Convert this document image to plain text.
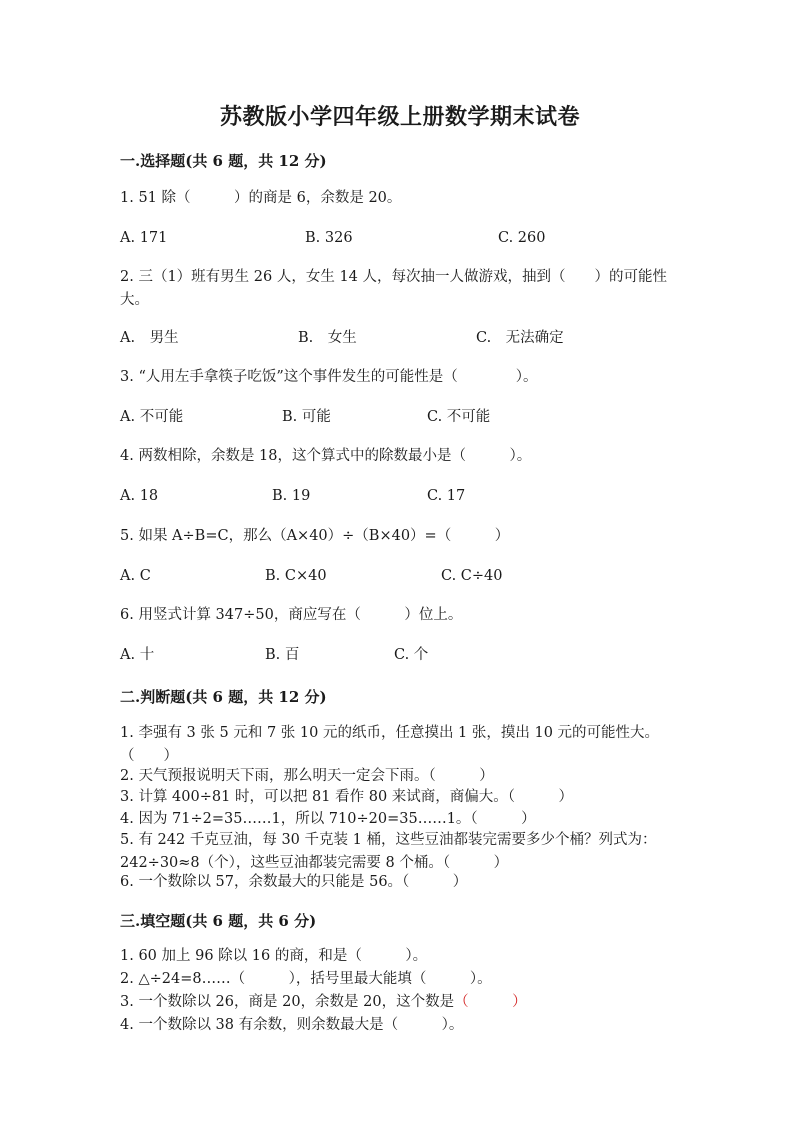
苏教版小学四年级上册数学期末试卷
一.选择题(共 6 题，共 12 分)
1. 51 除（　　　）的商是 6，余数是 20。
A. 171	B. 326	C. 260
2. 三（1）班有男生 26 人，女生 14 人，每次抽一人做游戏，抽到（　　）的可能性大。
A.　男生	B.　女生	C.　无法确定
3. “人用左手拿筷子吃饭”这个事件发生的可能性是（　　　　）。
A. 不可能	B. 可能	C. 不可能
4. 两数相除，余数是 18，这个算式中的除数最小是（　　　）。
A. 18	B. 19	C. 17
5. 如果 A÷B=C，那么（A×40）÷（B×40）=（　　　）
A. C	B. C×40	C. C÷40
6. 用竖式计算 347÷50，商应写在（　　　）位上。
A. 十	B. 百	C. 个
二.判断题(共 6 题，共 12 分)
1. 李强有 3 张 5 元和 7 张 10 元的纸币，任意摸出 1 张，摸出 10 元的可能性大。　　（　　）
2. 天气预报说明天下雨，那么明天一定会下雨。（　　　）
3. 计算 400÷81 时，可以把 81 看作 80 来试商，商偏大。（　　　）
4. 因为 71÷2=35……1，所以 710÷20=35……1。（　　　）
5. 有 242 千克豆油，每 30 千克装 1 桶，这些豆油都装完需要多少个桶？列式为：242÷30≈8（个），这些豆油都装完需要 8 个桶。（　　　）
6. 一个数除以 57，余数最大的只能是 56。（　　　）
三.填空题(共 6 题，共 6 分)
1. 60 加上 96 除以 16 的商，和是（　　　）。
2. △÷24=8……（　　　），括号里最大能填（　　　）。
3. 一个数除以 26，商是 20，余数是 20，这个数是（　　　）
4. 一个数除以 38 有余数，则余数最大是（　　　）。
